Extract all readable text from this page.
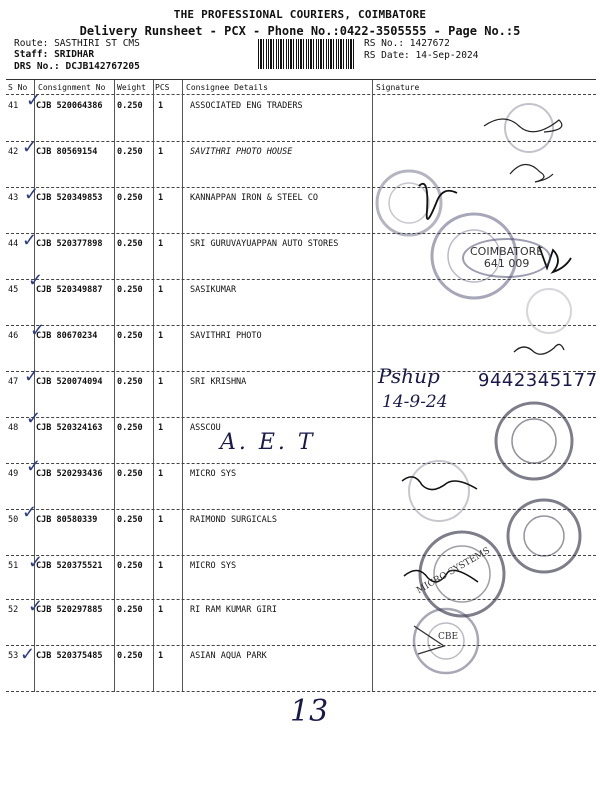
THE PROFESSIONAL COURIERS, COIMBATORE
Delivery Runsheet - PCX - Phone No.:0422-3505555 - Page No.:5
Route: SASTHIRI ST CMS
Staff: SRIDHAR
DRS No.: DCJB142767205
RS No.: 1427672
RS Date: 14-Sep-2024
S No Consignment No Weight PCS Consignee Details	Signature
41 CJB 520064386 0.250 1	ASSOCIATED ENG TRADERS
42 CJB 80569154 0.250 1	SAVITHRI PHOTO HOUSE
43 CJB 520349853 0.250 1	KANNAPPAN IRON & STEEL CO
44 CJB 520377898 0.250 1	SRI GURUVAYUAPPAN AUTO STORES
45 CJB 520349887 0.250 1	SASIKUMAR
46 CJB 80670234 0.250 1	SAVITHRI PHOTO
47 CJB 520074094 0.250 1	SRI KRISHNA
48 CJB 520324163 0.250 1	ASSCOU
49 CJB 520293436 0.250 1	MICRO SYS
50 CJB 80580339 0.250 1	RAIMOND SURGICALS
51 CJB 520375521 0.250 1	MICRO SYS
52 CJB 520297885 0.250 1	RI RAM KUMAR GIRI
53 CJB 520375485 0.250 1	ASIAN AQUA PARK
✓
✓
✓
✓
✓
✓
✓
✓
✓
✓
✓
✓
✓
COIMBATORE
641 009
MICRO SYSTEMS
CBE
Pshup
14-9-24
9442345177
A. E. T
13
